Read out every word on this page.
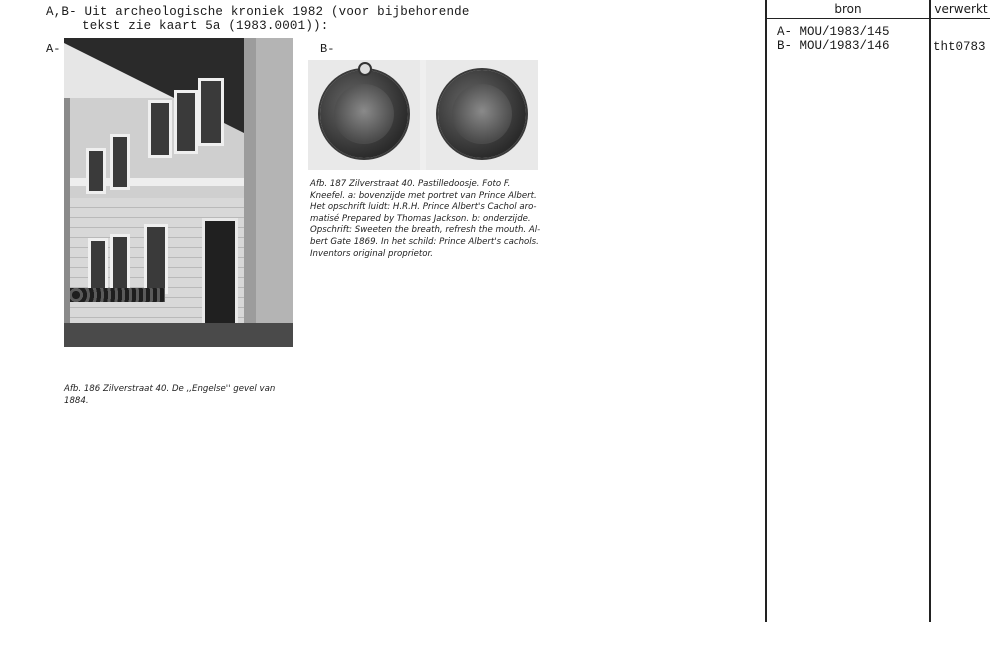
A,B- Uit archeologische kroniek 1982 (voor bijbehorende
tekst zie kaart 5a (1983.0001)):
A-	B-
Afb. 186 Zilverstraat 40. De ,,Engelse'' gevel van
1884.
Afb. 187 Zilverstraat 40. Pastilledoosje. Foto F.
Kneefel. a: bovenzijde met portret van Prince Albert.
Het opschrift luidt: H.R.H. Prince Albert's Cachol aro-
matisé Prepared by Thomas Jackson. b: onderzijde.
Opschrift: Sweeten the breath, refresh the mouth. Al-
bert Gate 1869. In het schild: Prince Albert's cachols.
Inventors original proprietor.
bron	verwerkt
A- MOU/1983/145
B- MOU/1983/146	tht0783
